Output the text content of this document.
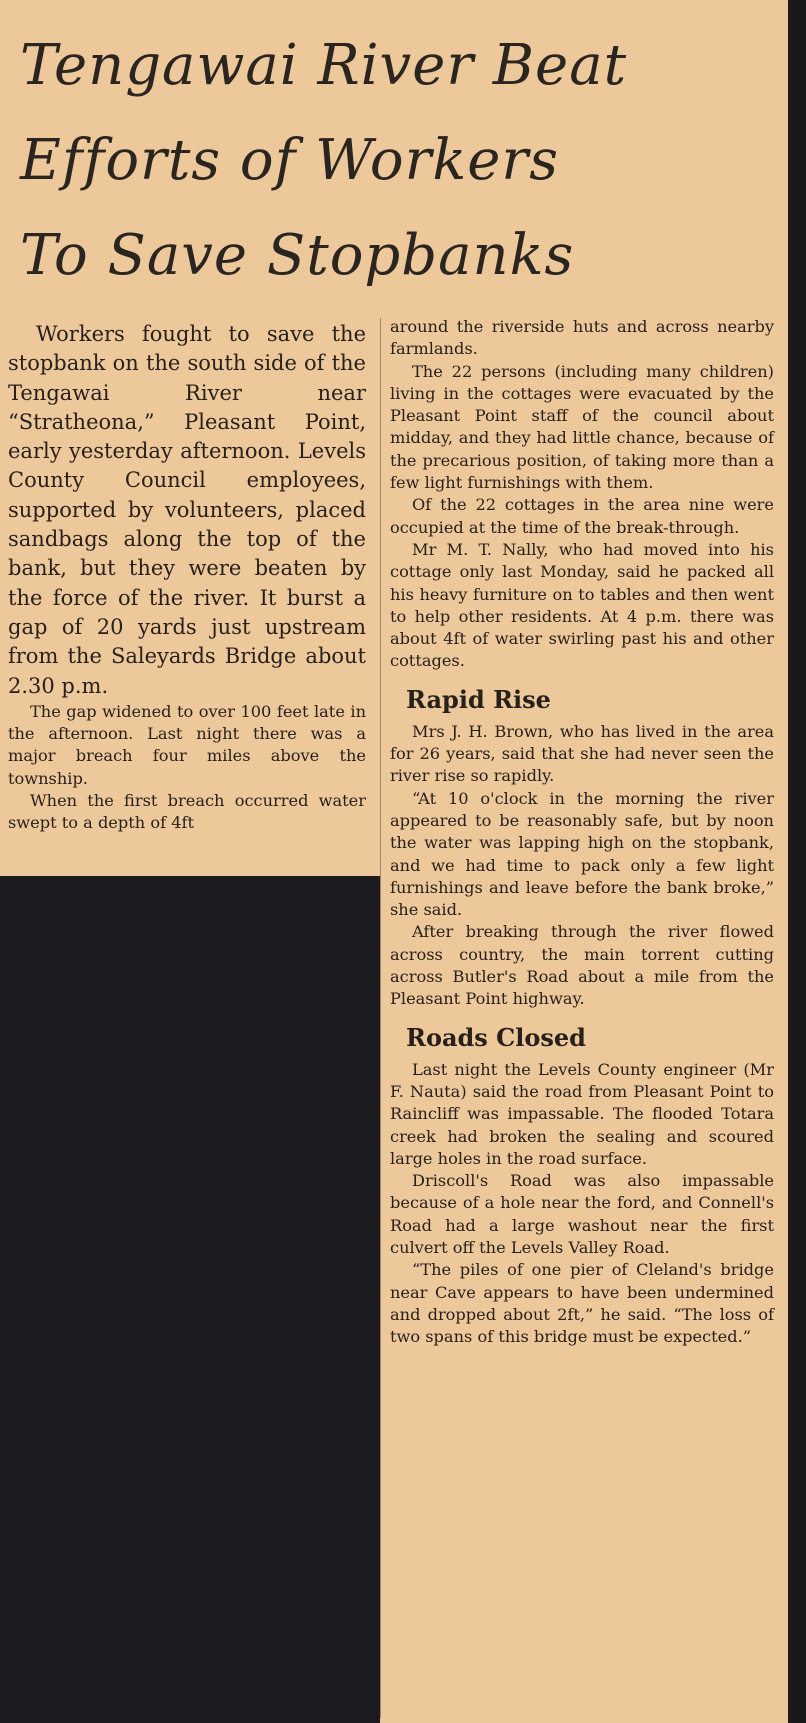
Tengawai River Beat
Efforts of Workers
To Save Stopbanks

Workers fought to save the stopbank on the south side of the Tengawai River near “Stratheona,” Pleasant Point, early yesterday afternoon. Levels County Council employees, supported by volunteers, placed sandbags along the top of the bank, but they were beaten by the force of the river. It burst a gap of 20 yards just upstream from the Saleyards Bridge about 2.30 p.m.

The gap widened to over 100 feet late in the afternoon. Last night there was a major breach four miles above the township.

When the first breach occurred water swept to a depth of 4ft

around the riverside huts and across nearby farmlands.

The 22 persons (including many children) living in the cottages were evacuated by the Pleasant Point staff of the council about midday, and they had little chance, because of the precarious position, of taking more than a few light furnishings with them.

Of the 22 cottages in the area nine were occupied at the time of the break-through.

Mr M. T. Nally, who had moved into his cottage only last Monday, said he packed all his heavy furniture on to tables and then went to help other residents. At 4 p.m. there was about 4ft of water swirling past his and other cottages.

Rapid Rise

Mrs J. H. Brown, who has lived in the area for 26 years, said that she had never seen the river rise so rapidly.

“At 10 o'clock in the morning the river appeared to be reasonably safe, but by noon the water was lapping high on the stopbank, and we had time to pack only a few light furnishings and leave before the bank broke,” she said.

After breaking through the river flowed across country, the main torrent cutting across Butler's Road about a mile from the Pleasant Point highway.

Roads Closed

Last night the Levels County engineer (Mr F. Nauta) said the road from Pleasant Point to Raincliff was impassable. The flooded Totara creek had broken the sealing and scoured large holes in the road surface.

Driscoll's Road was also impassable because of a hole near the ford, and Connell's Road had a large washout near the first culvert off the Levels Valley Road.

“The piles of one pier of Cleland's bridge near Cave appears to have been undermined and dropped about 2ft,” he said. “The loss of two spans of this bridge must be expected.”
